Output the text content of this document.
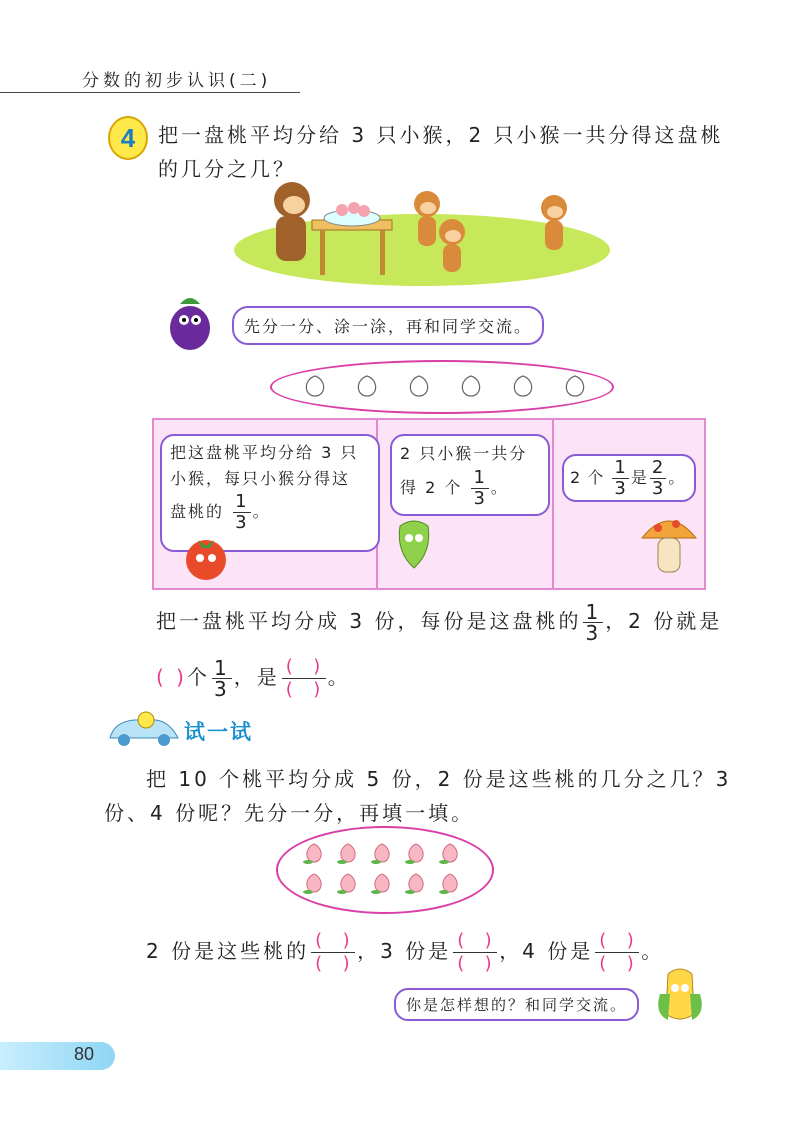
分数的初步认识(二)
4	把一盘桃平均分给 3 只小猴，2 只小猴一共分得这盘桃
的几分之几？
先分一分、涂一涂，再和同学交流。
把这盘桃平均分给 3 只
小猴，每只小猴分得这
盘桃的 $\frac{1}{3}$ 。
2 只小猴一共分
得 2 个 $\frac{1}{3}$ 。
2 个 $\frac{1}{3}$ 是 $\frac{2}{3}$ 。
把一盘桃平均分成 3 份，每份是这盘桃的 $\frac{1}{3}$ ，2 份就是
( )个 $\frac{1}{3}$ ，是 $\frac{( )}{( )}$ 。
试一试
把 10 个桃平均分成 5 份，2 份是这些桃的几分之几？3
份、4 份呢？先分一分，再填一填。
2 份是这些桃的 $\frac{( )}{( )}$ ，3 份是 $\frac{( )}{( )}$ ，4 份是 $\frac{( )}{( )}$ 。
你是怎样想的？和同学交流。
80
